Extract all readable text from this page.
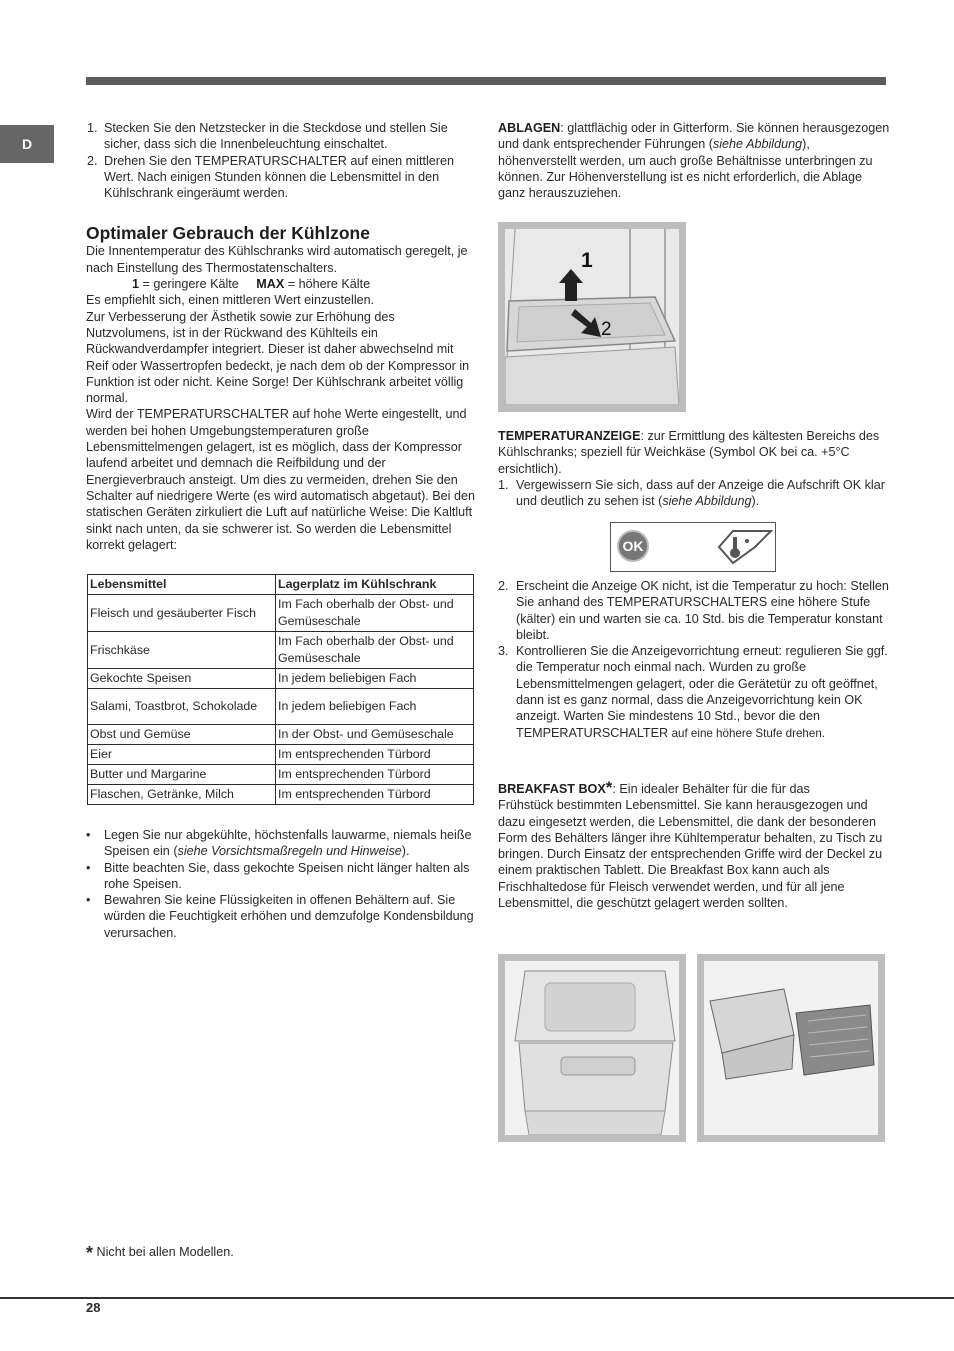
D
1. Stecken Sie den Netzstecker in die Steckdose und stellen Sie sicher, dass sich die Innenbeleuchtung einschaltet.
2. Drehen Sie den TEMPERATURSCHALTER auf einen mittleren Wert. Nach einigen Stunden können die Lebensmittel in den Kühlschrank eingeräumt werden.
Optimaler Gebrauch der Kühlzone

Die Innentemperatur des Kühlschranks wird automatisch geregelt, je nach Einstellung des Thermostatenschalters.

1 = geringere Kälte MAX = höhere Kälte

Es empfiehlt sich, einen mittleren Wert einzustellen.

Zur Verbesserung der Ästhetik sowie zur Erhöhung des Nutzvolumens, ist in der Rückwand des Kühlteils ein Rückwandverdampfer integriert. Dieser ist daher abwechselnd mit Reif oder Wassertropfen bedeckt, je nach dem ob der Kompressor in Funktion ist oder nicht. Keine Sorge! Der Kühlschrank arbeitet völlig normal.

Wird der TEMPERATURSCHALTER auf hohe Werte eingestellt, und werden bei hohen Umgebungstemperaturen große Lebensmittelmengen gelagert, ist es möglich, dass der Kompressor laufend arbeitet und demnach die Reifbildung und der Energieverbrauch ansteigt. Um dies zu vermeiden, drehen Sie den Schalter auf niedrigere Werte (es wird automatisch abgetaut). Bei den statischen Geräten zirkuliert die Luft auf natürliche Weise: Die Kaltluft sinkt nach unten, da sie schwerer ist. So werden die Lebensmittel korrekt gelagert:

Lebensmittel	Lagerplatz im Kühlschrank
Fleisch und gesäuberter Fisch	Im Fach oberhalb der Obst- und Gemüseschale
Frischkäse	Im Fach oberhalb der Obst- und Gemüseschale
Gekochte Speisen	In jedem beliebigen Fach
Salami, Toastbrot, Schokolade	In jedem beliebigen Fach
Obst und Gemüse	In der Obst- und Gemüseschale
Eier	Im entsprechenden Türbord
Butter und Margarine	Im entsprechenden Türbord
Flaschen, Getränke, Milch	Im entsprechenden Türbord
• Legen Sie nur abgekühlte, höchstenfalls lauwarme, niemals heiße Speisen ein (siehe Vorsichtsmaßregeln und Hinweise).
• Bitte beachten Sie, dass gekochte Speisen nicht länger halten als rohe Speisen.
• Bewahren Sie keine Flüssigkeiten in offenen Behältern auf. Sie würden die Feuchtigkeit erhöhen und demzufolge Kondensbildung verursachen.

ABLAGEN: glattflächig oder in Gitterform. Sie können herausgezogen und dank entsprechender Führungen (siehe Abbildung), höhenverstellt werden, um auch große Behältnisse unterbringen zu können. Zur Höhenverstellung ist es nicht erforderlich, die Ablage ganz herauszuziehen.

1
2

TEMPERATURANZEIGE: zur Ermittlung des kältesten Bereichs des Kühlschranks; speziell für Weichkäse (Symbol OK bei ca. +5°C ersichtlich).

1. Vergewissern Sie sich, dass auf der Anzeige die Aufschrift OK klar und deutlich zu sehen ist (siehe Abbildung).
OK
2. Erscheint die Anzeige OK nicht, ist die Temperatur zu hoch: Stellen Sie anhand des TEMPERATURSCHALTERS eine höhere Stufe (kälter) ein und warten sie ca. 10 Std. bis die Temperatur konstant bleibt.
3. Kontrollieren Sie die Anzeigevorrichtung erneut: regulieren Sie ggf. die Temperatur noch einmal nach. Wurden zu große Lebensmittelmengen gelagert, oder die Gerätetür zu oft geöffnet, dann ist es ganz normal, dass die Anzeigevorrichtung kein OK anzeigt. Warten Sie mindestens 10 Std., bevor die den TEMPERATURSCHALTER auf eine höhere Stufe drehen.

BREAKFAST BOX*: Ein idealer Behälter für die für das

Frühstück bestimmten Lebensmittel. Sie kann herausgezogen und dazu eingesetzt werden, die Lebensmittel, die dank der besonderen Form des Behälters länger ihre Kühltemperatur behalten, zu Tisch zu bringen. Durch Einsatz der entsprechenden Griffe wird der Deckel zu einem praktischen Tablett. Die Breakfast Box kann auch als Frischhaltedose für Fleisch verwendet werden, und für all jene Lebensmittel, die geschützt gelagert werden sollten.

* Nicht bei allen Modellen.
28
